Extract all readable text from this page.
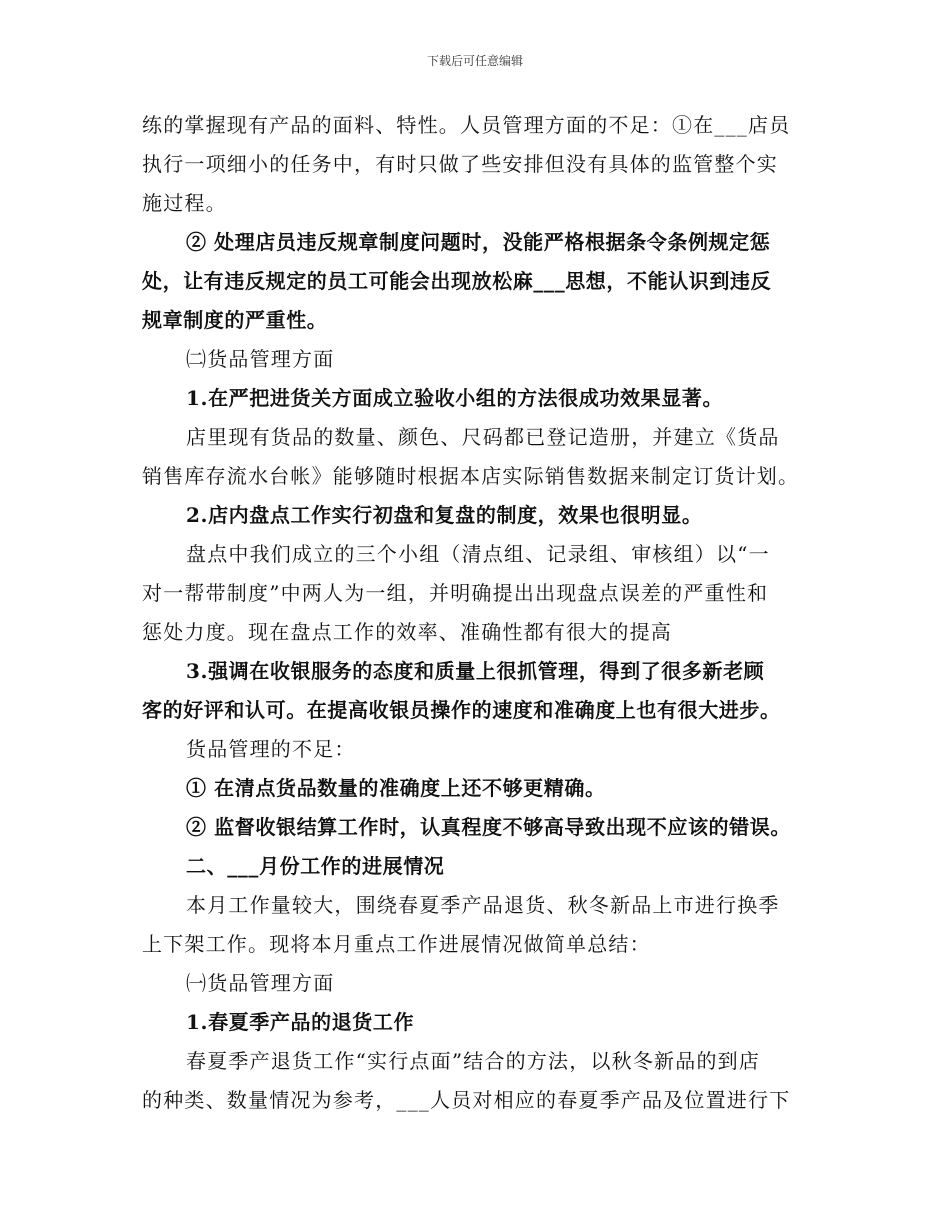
下载后可任意编辑
练的掌握现有产品的面料、特性。人员管理方面的不足：①在___店员
执行一项细小的任务中，有时只做了些安排但没有具体的监管整个实
施过程。
② 处理店员违反规章制度问题时，没能严格根据条令条例规定惩
处，让有违反规定的员工可能会出现放松麻___思想，不能认识到违反
规章制度的严重性。
㈡货品管理方面
1.在严把进货关方面成立验收小组的方法很成功效果显著。
店里现有货品的数量、颜色、尺码都已登记造册，并建立《货品
销售库存流水台帐》能够随时根据本店实际销售数据来制定订货计划。
2.店内盘点工作实行初盘和复盘的制度，效果也很明显。
盘点中我们成立的三个小组（清点组、记录组、审核组）以“一
对一帮带制度”中两人为一组，并明确提出出现盘点误差的严重性和
惩处力度。现在盘点工作的效率、准确性都有很大的提高
3.强调在收银服务的态度和质量上很抓管理，得到了很多新老顾
客的好评和认可。在提高收银员操作的速度和准确度上也有很大进步。
货品管理的不足：
① 在清点货品数量的准确度上还不够更精确。
② 监督收银结算工作时，认真程度不够高导致出现不应该的错误。
二、___月份工作的进展情况
本月工作量较大，围绕春夏季产品退货、秋冬新品上市进行换季
上下架工作。现将本月重点工作进展情况做简单总结：
㈠货品管理方面
1.春夏季产品的退货工作
春夏季产退货工作“实行点面”结合的方法，以秋冬新品的到店
的种类、数量情况为参考，___人员对相应的春夏季产品及位置进行下
